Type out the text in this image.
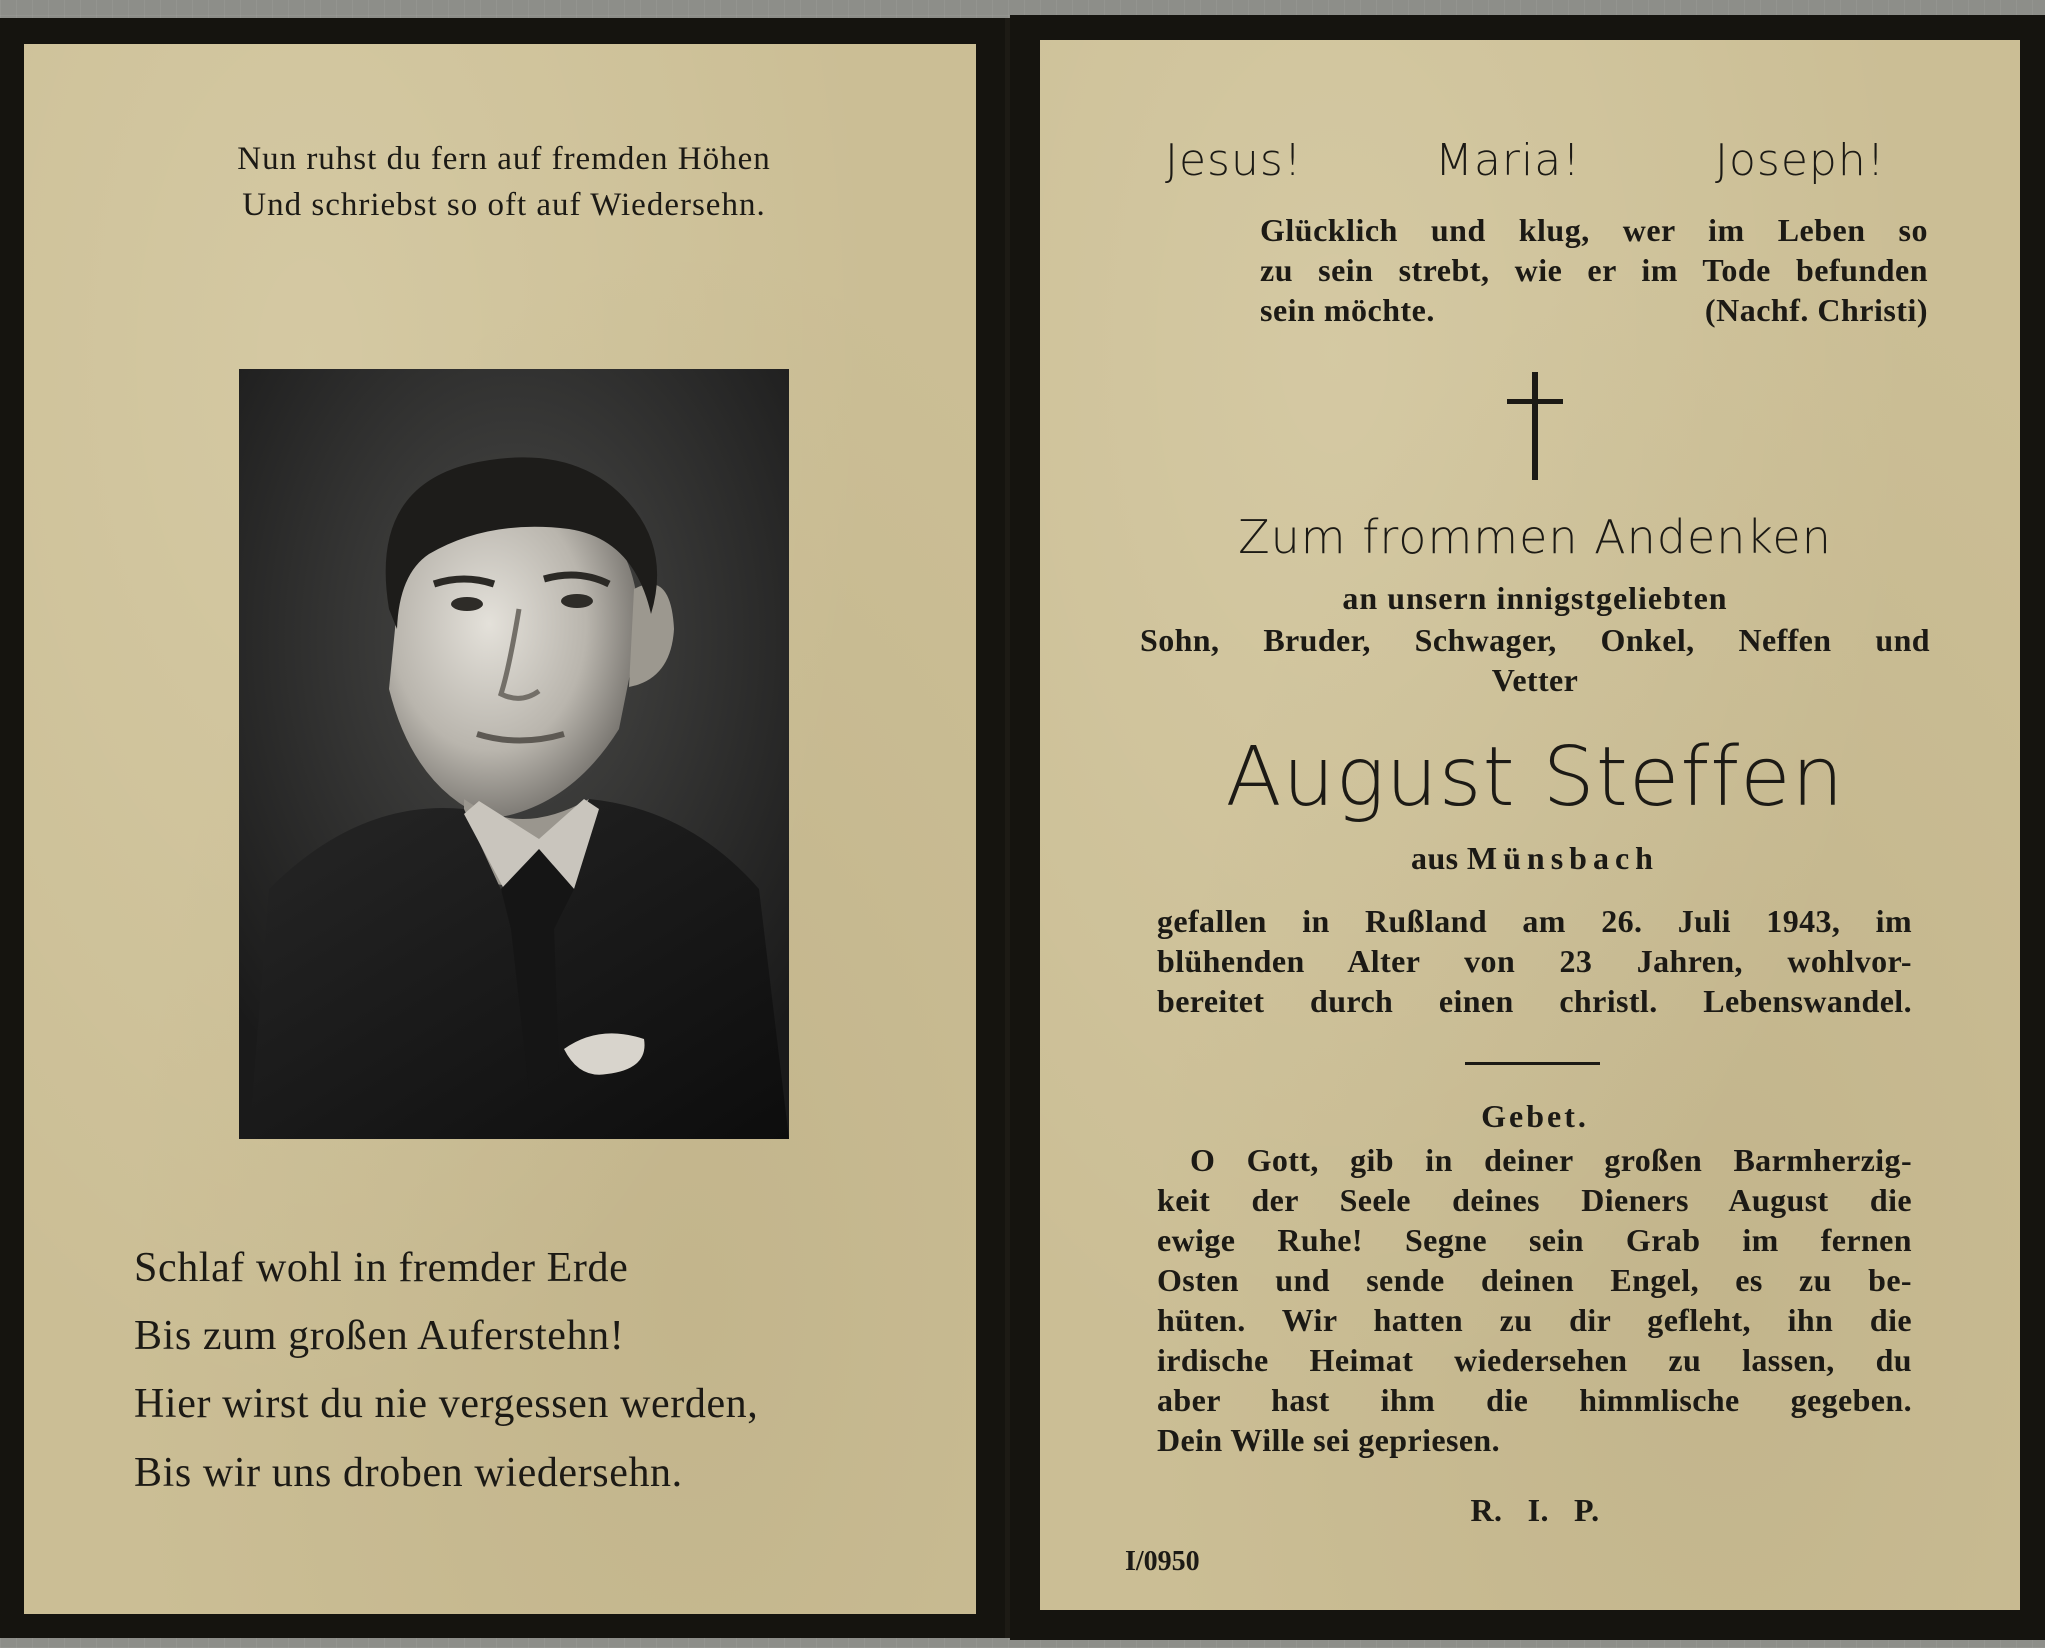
Nun ruhst du fern auf fremden Höhen
Und schriebst so oft auf Wiedersehn.
Schlaf wohl in fremder Erde
Bis zum großen Auferstehn!
Hier wirst du nie vergessen werden,
Bis wir uns droben wiedersehn.
Jesus!	Maria!	Joseph!
Glücklich und klug, wer im Leben so
zu sein strebt, wie er im Tode befunden
sein möchte.	(Nachf. Christi)
Zum frommen Andenken
an unsern innigstgeliebten
Sohn, Bruder, Schwager, Onkel, Neffen und
Vetter
August Steffen
aus Münsbach
gefallen in Rußland am 26. Juli 1943, im
blühenden Alter von 23 Jahren, wohlvor-
bereitet durch einen christl. Lebenswandel.
Gebet.
O Gott, gib in deiner großen Barmherzig-
keit der Seele deines Dieners August die
ewige Ruhe! Segne sein Grab im fernen
Osten und sende deinen Engel, es zu be-
hüten. Wir hatten zu dir gefleht, ihn die
irdische Heimat wiedersehen zu lassen, du
aber hast ihm die himmlische gegeben.
Dein Wille sei gepriesen.
R.   I.   P.
I/0950
